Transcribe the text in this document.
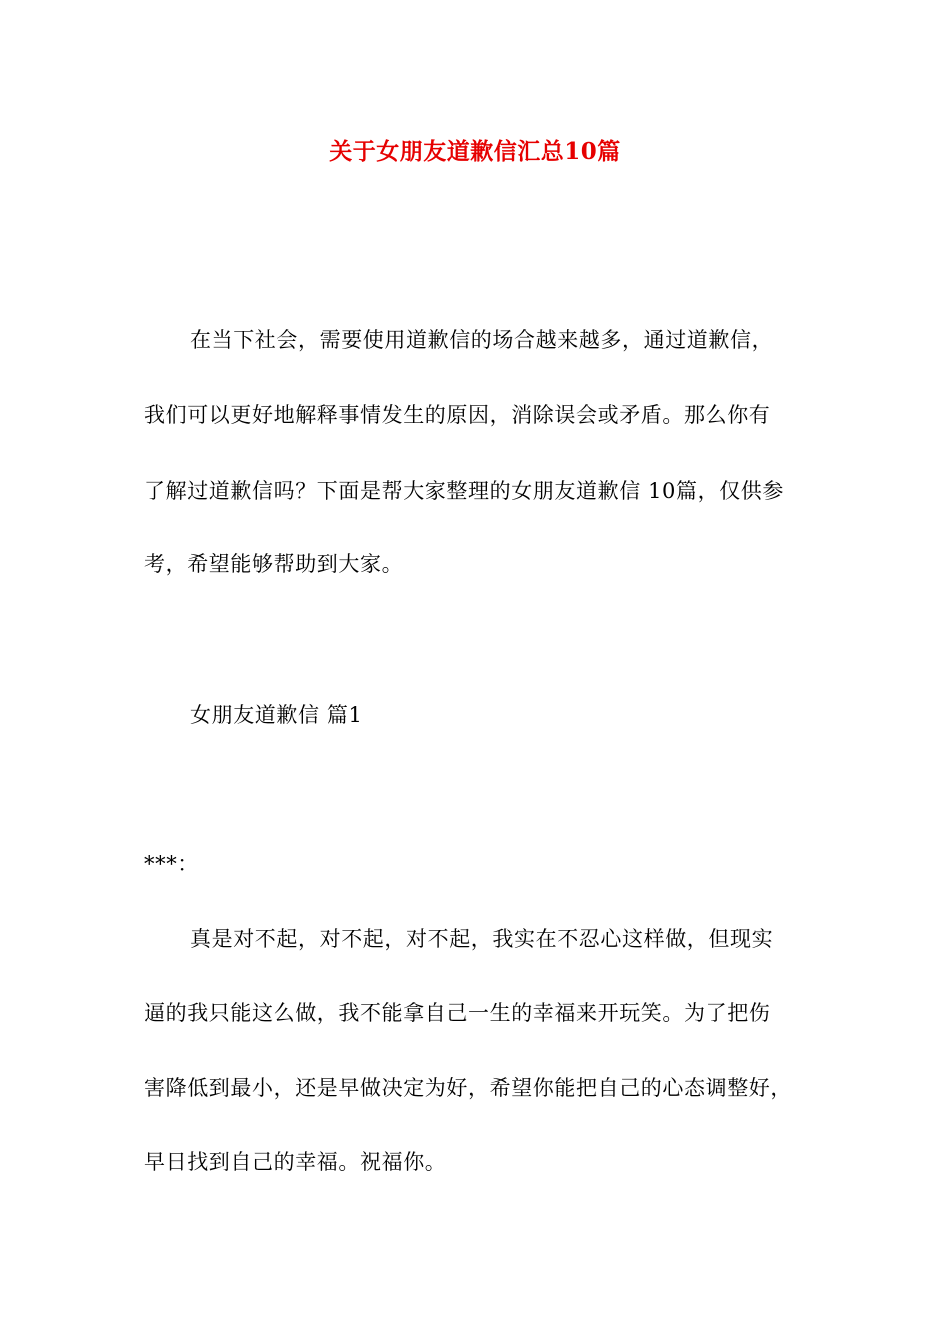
关于女朋友道歉信汇总10篇
在当下社会，需要使用道歉信的场合越来越多，通过道歉信，
我们可以更好地解释事情发生的原因，消除误会或矛盾。那么你有
了解过道歉信吗？下面是帮大家整理的女朋友道歉信 10篇，仅供参
考，希望能够帮助到大家。
女朋友道歉信 篇1
***：
真是对不起，对不起，对不起，我实在不忍心这样做，但现实
逼的我只能这么做，我不能拿自己一生的幸福来开玩笑。为了把伤
害降低到最小，还是早做决定为好，希望你能把自己的心态调整好，
早日找到自己的幸福。祝福你。
